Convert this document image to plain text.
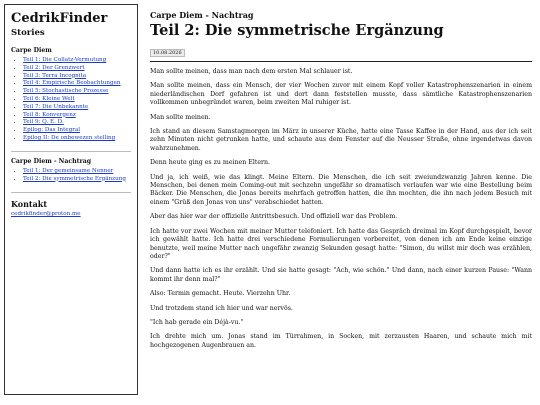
CedrikFinder
Stories
Carpe Diem
• Teil 1: Die Collatz-Vermutung
• Teil 2: Der Grenzwert
• Teil 3: Terra Incognita
• Teil 4: Empirische Beobachtungen
• Teil 5: Stochastische Prozesse
• Teil 6: Kleine Welt
• Teil 7: Die Unbekannte
• Teil 8: Konvergenz
• Teil 9: Q. E. D.
• Epilog: Das Integral
• Epilog II: De onbewezen stelling
Carpe Diem - Nachtrag
• Teil 1: Der gemeinsame Nenner
• Teil 2: Die symmetrische Ergänzung
Kontakt
cedrikfinder@proton.me
Carpe Diem - Nachtrag
Teil 2: Die symmetrische Ergänzung
10.08.2026

Man sollte meinen, dass man nach dem ersten Mal schlauer ist.

Man sollte meinen, dass ein Mensch, der vier Wochen zuvor mit einem Kopf voller Katastrophenszenarien in einem niederländischen Dorf gefahren ist und dort dann feststellen musste, dass sämtliche Katastrophenszenarien vollkommen unbegründet waren, beim zweiten Mal ruhiger ist.

Man sollte meinen.

Ich stand an diesem Samstagmorgen im März in unserer Küche, hatte eine Tasse Kaffee in der Hand, aus der ich seit zehn Minuten nicht getrunken hatte, und schaute aus dem Fenster auf die Neusser Straße, ohne irgendetwas davon wahrzunehmen.

Denn heute ging es zu meinen Eltern.

Und ja, ich weiß, wie das klingt. Meine Eltern. Die Menschen, die ich seit zweiundzwanzig Jahren kenne. Die Menschen, bei denen mein Coming-out mit sechzehn ungefähr so dramatisch verlaufen war wie eine Bestellung beim Bäcker. Die Menschen, die Jonas bereits mehrfach getroffen hatten, die ihn mochten, die ihn nach jedem Besuch mit einem "Grüß den Jonas von uns" verabschiedet hatten.

Aber das hier war der offizielle Antrittsbesuch. Und offiziell war das Problem.

Ich hatte vor zwei Wochen mit meiner Mutter telefoniert. Ich hatte das Gespräch dreimal im Kopf durchgespielt, bevor ich gewählt hatte. Ich hatte drei verschiedene Formulierungen vorbereitet, von denen ich am Ende keine einzige benutzte, weil meine Mutter nach ungefähr zwanzig Sekunden gesagt hatte: "Simon, du willst mir doch was erzählen, oder?"

Und dann hatte ich es ihr erzählt. Und sie hatte gesagt: "Ach, wie schön." Und dann, nach einer kurzen Pause: "Wann kommt ihr denn mal?"

Also: Termin gemacht. Heute. Vierzehn Uhr.

Und trotzdem stand ich hier und war nervös.

"Ich hab gerade ein Déjà-vu."

Ich drehte mich um. Jonas stand im Türrahmen, in Socken, mit zerzausten Haaren, und schaute mich mit hochgezogenen Augenbrauen an.
